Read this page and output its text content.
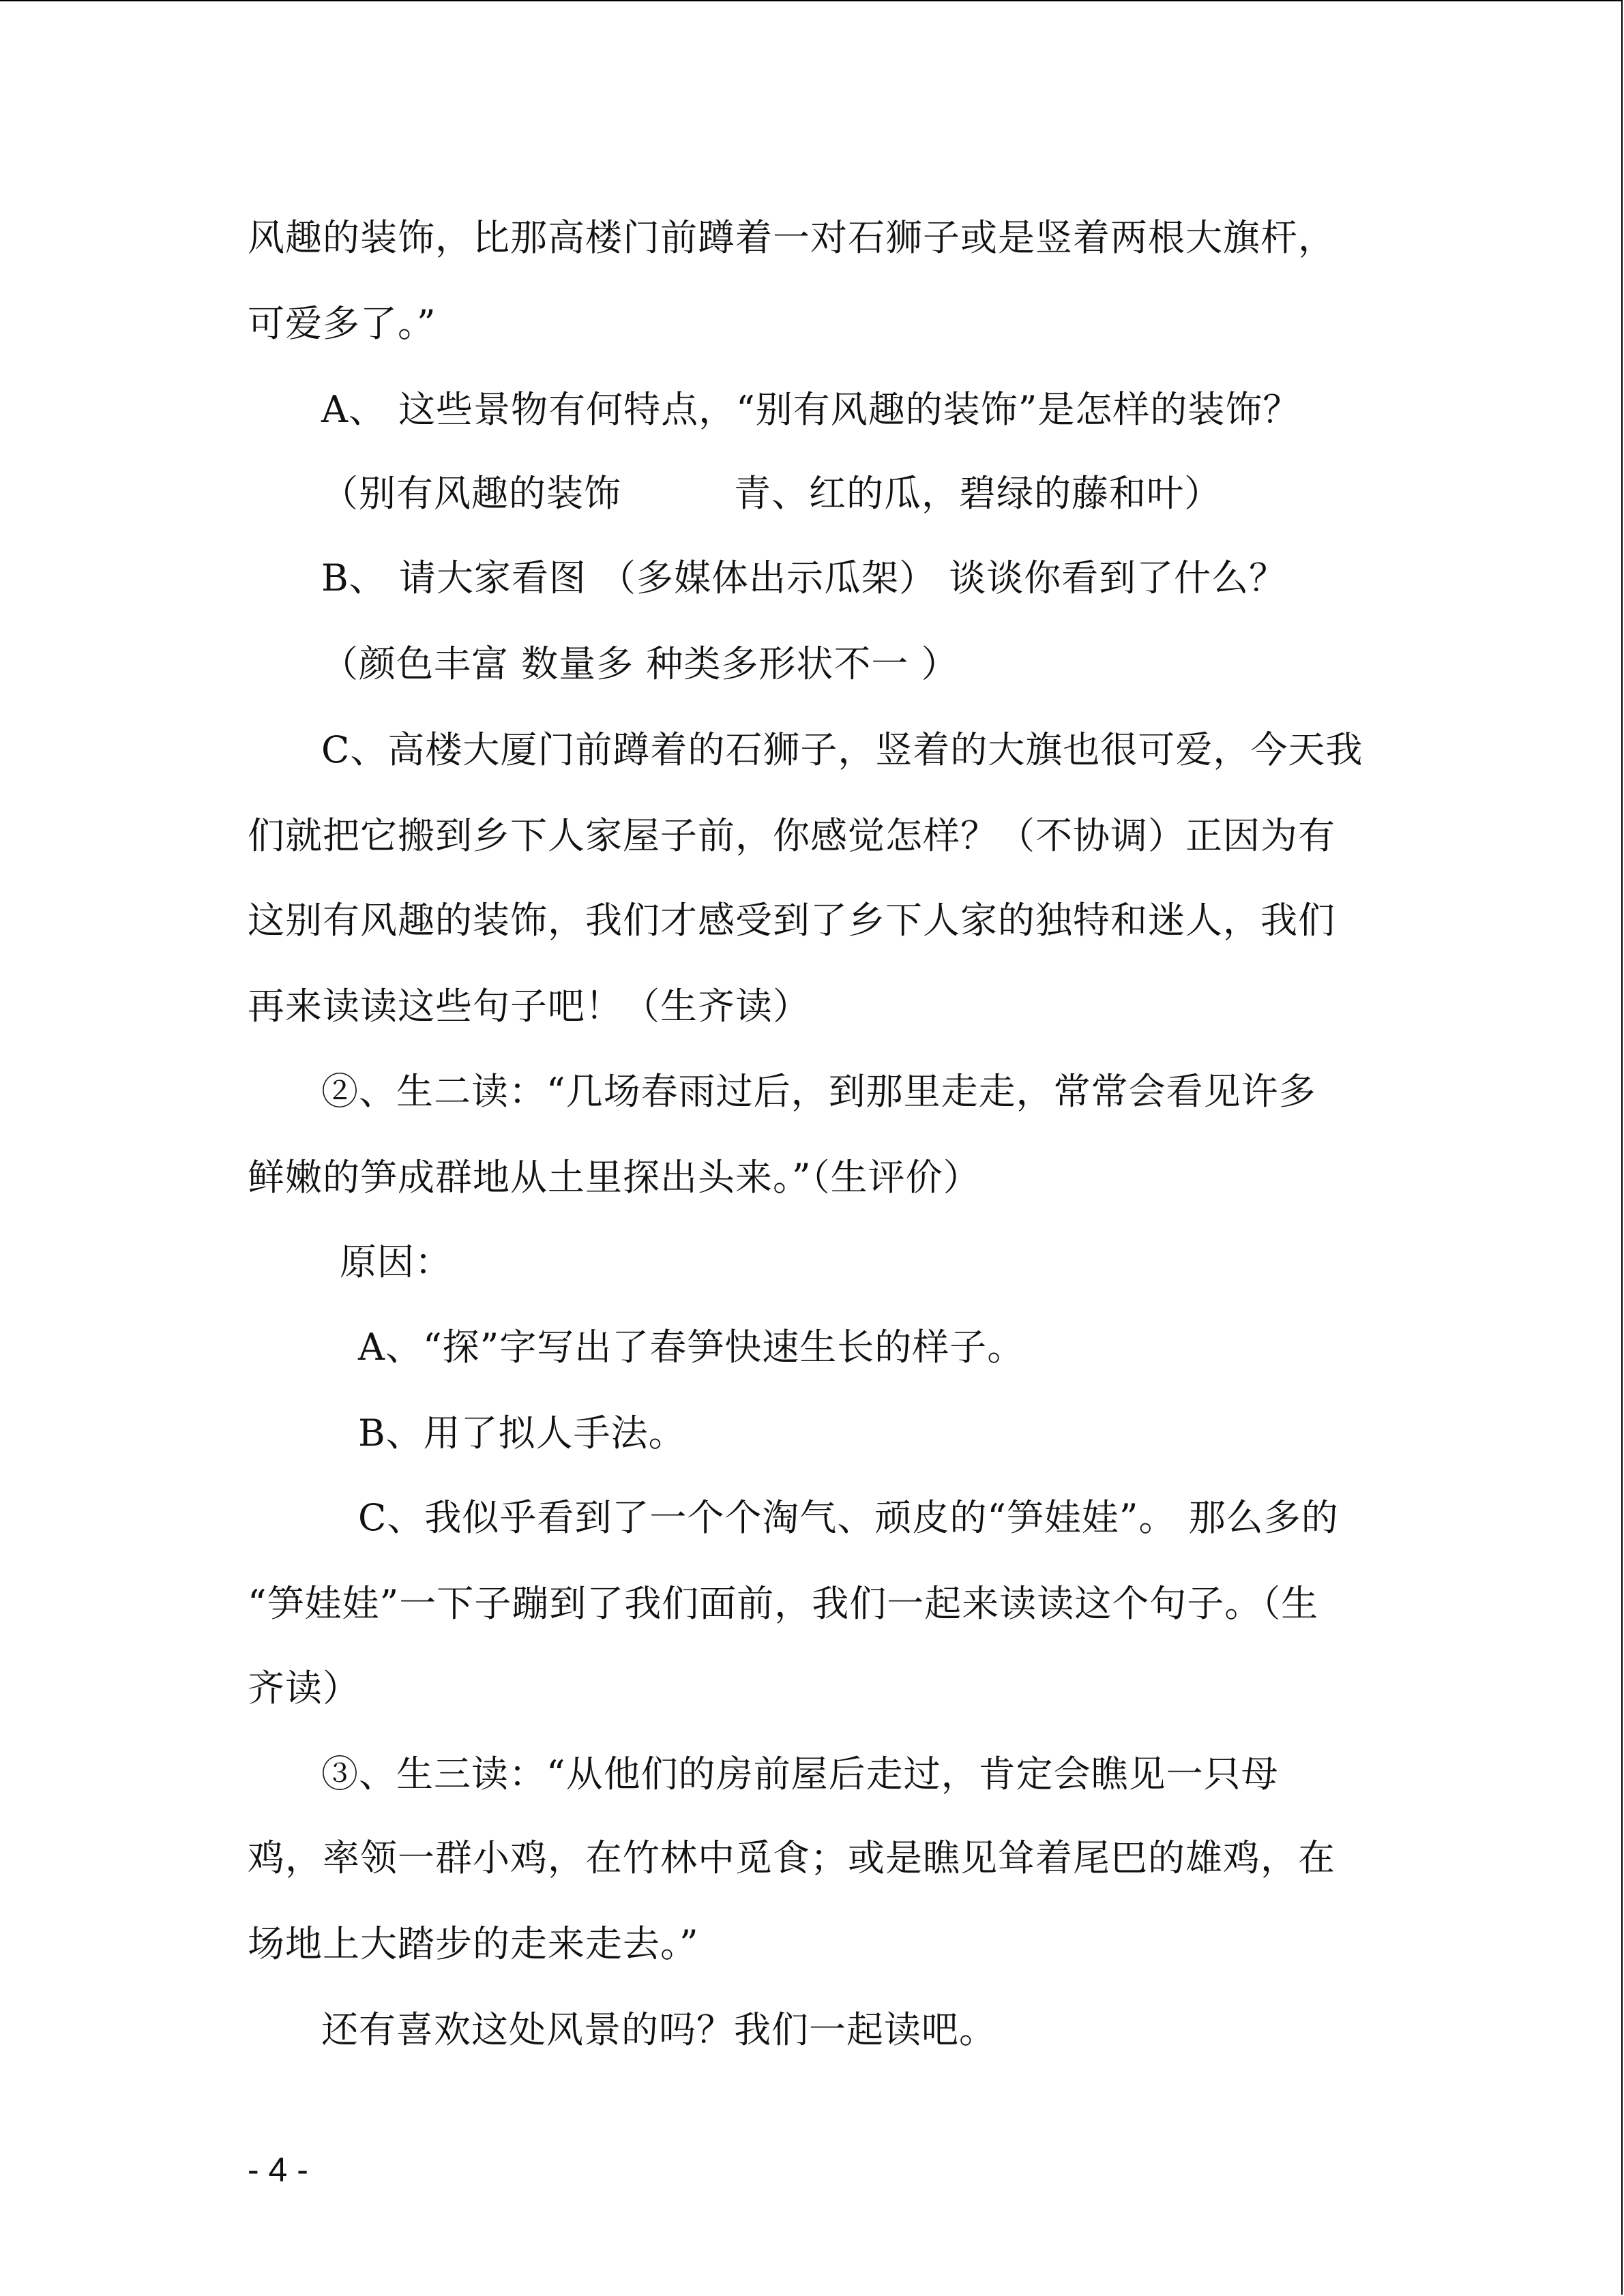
风趣的装饰，比那高楼门前蹲着一对石狮子或是竖着两根大旗杆，
可爱多了。”
A、 这些景物有何特点，“别有风趣的装饰”是怎样的装饰？
（别有风趣的装饰　　　青、红的瓜，碧绿的藤和叶）
B、 请大家看图 （多媒体出示瓜架） 谈谈你看到了什么？
（颜色丰富 数量多 种类多形状不一 ）
C、高楼大厦门前蹲着的石狮子，竖着的大旗也很可爱，今天我
们就把它搬到乡下人家屋子前，你感觉怎样？（不协调）正因为有
这别有风趣的装饰，我们才感受到了乡下人家的独特和迷人，我们
再来读读这些句子吧！（生齐读）
②、生二读：“几场春雨过后，到那里走走，常常会看见许多
鲜嫩的笋成群地从土里探出头来。”（生评价）
原因：
A、“探”字写出了春笋快速生长的样子。
B、用了拟人手法。
C、我似乎看到了一个个淘气、顽皮的“笋娃娃”。 那么多的
“笋娃娃”一下子蹦到了我们面前，我们一起来读读这个句子。（生
齐读）
③、生三读：“从他们的房前屋后走过，肯定会瞧见一只母
鸡，率领一群小鸡，在竹林中觅食；或是瞧见耸着尾巴的雄鸡，在
场地上大踏步的走来走去。”
还有喜欢这处风景的吗？我们一起读吧。
- 4 -
